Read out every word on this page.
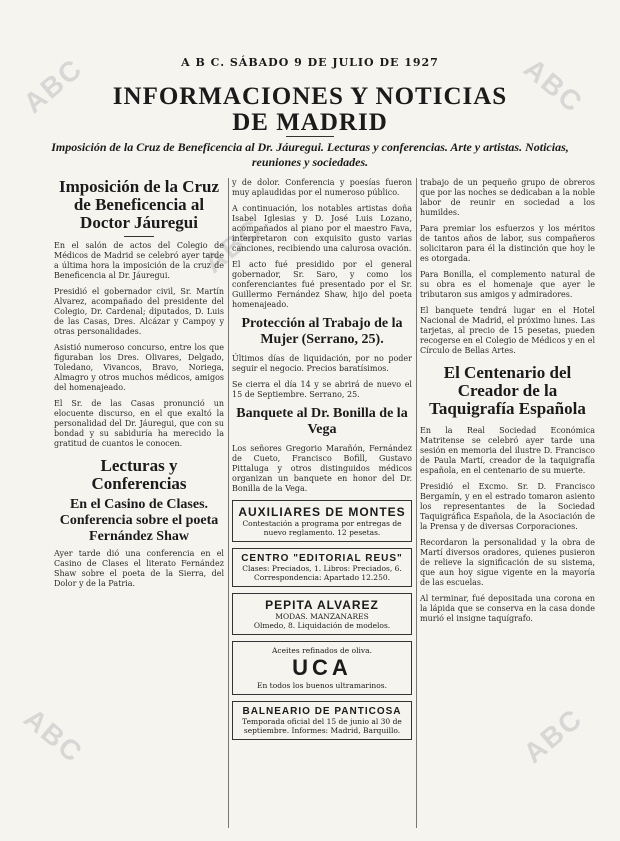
ABC	ABC
ABC
ABC	ABC
A B C. SÁBADO 9 DE JULIO DE 1927
INFORMACIONES Y NOTICIAS
DE MADRID
Imposición de la Cruz de Beneficencia al Dr. Jáuregui. Lecturas y conferencias. Arte y artistas. Noticias, reuniones y sociedades.
Imposición de la Cruz de Beneficencia al Doctor Jáuregui

En el salón de actos del Colegio de Médicos de Madrid se celebró ayer tarde a última hora la imposición de la cruz de Beneficencia al Dr. Jáuregui.

Presidió el gobernador civil, Sr. Martín Alvarez, acompañado del presidente del Colegio, Dr. Cardenal; diputados, D. Luis de las Casas, Dres. Alcázar y Campoy y otras personalidades.

Asistió numeroso concurso, entre los que figuraban los Dres. Olivares, Delgado, Toledano, Vivancos, Bravo, Noriega, Almagro y otros muchos médicos, amigos del homenajeado.

El Sr. de las Casas pronunció un elocuente discurso, en el que exaltó la personalidad del Dr. Jáuregui, que con su bondad y su sabiduría ha merecido la gratitud de cuantos le conocen.

Lecturas y Conferencias
En el Casino de Clases. Conferencia sobre el poeta Fernández Shaw

Ayer tarde dió una conferencia en el Casino de Clases el literato Fernández Shaw sobre el poeta de la Sierra, del Dolor y de la Patria.

y de dolor. Conferencia y poesías fueron muy aplaudidas por el numeroso público.

A continuación, los notables artistas doña Isabel Iglesias y D. José Luis Lozano, acompañados al piano por el maestro Fava, interpretaron con exquisito gusto varias canciones, recibiendo una calurosa ovación.

El acto fué presidido por el general gobernador, Sr. Saro, y como los conferenciantes fué presentado por el Sr. Guillermo Fernández Shaw, hijo del poeta homenajeado.

Protección al Trabajo de la Mujer (Serrano, 25).

Últimos días de liquidación, por no poder seguir el negocio. Precios baratísimos.

Se cierra el día 14 y se abrirá de nuevo el 15 de Septiembre. Serrano, 25.

Banquete al Dr. Bonilla de la Vega

Los señores Gregorio Marañón, Fernández de Cueto, Francisco Bofill, Gustavo Pittaluga y otros distinguidos médicos organizan un banquete en honor del Dr. Bonilla de la Vega.

AUXILIARES DE MONTES
Contestación a programa por entregas de nuevo reglamento. 12 pesetas.
CENTRO "EDITORIAL REUS"
Clases: Preciados, 1. Libros: Preciados, 6. Correspondencia: Apartado 12.250.
PEPITA ALVAREZ
MODAS. MANZANARES
Olmedo, 8. Liquidación de modelos.
Aceites refinados de oliva.
UCA
En todos los buenos ultramarinos.
BALNEARIO DE PANTICOSA
Temporada oficial del 15 de junio al 30 de septiembre. Informes: Madrid, Barquillo.

trabajo de un pequeño grupo de obreros que por las noches se dedicaban a la noble labor de reunir en sociedad a los humildes.

Para premiar los esfuerzos y los méritos de tantos años de labor, sus compañeros solicitaron para él la distinción que hoy le es otorgada.

Para Bonilla, el complemento natural de su obra es el homenaje que ayer le tributaron sus amigos y admiradores.

El banquete tendrá lugar en el Hotel Nacional de Madrid, el próximo lunes. Las tarjetas, al precio de 15 pesetas, pueden recogerse en el Colegio de Médicos y en el Círculo de Bellas Artes.

El Centenario del Creador de la Taquigrafía Española

En la Real Sociedad Económica Matritense se celebró ayer tarde una sesión en memoria del ilustre D. Francisco de Paula Martí, creador de la taquigrafía española, en el centenario de su muerte.

Presidió el Excmo. Sr. D. Francisco Bergamín, y en el estrado tomaron asiento los representantes de la Sociedad Taquigráfica Española, de la Asociación de la Prensa y de diversas Corporaciones.

Recordaron la personalidad y la obra de Martí diversos oradores, quienes pusieron de relieve la significación de su sistema, que aun hoy sigue vigente en la mayoría de las escuelas.

Al terminar, fué depositada una corona en la lápida que se conserva en la casa donde murió el insigne taquígrafo.
